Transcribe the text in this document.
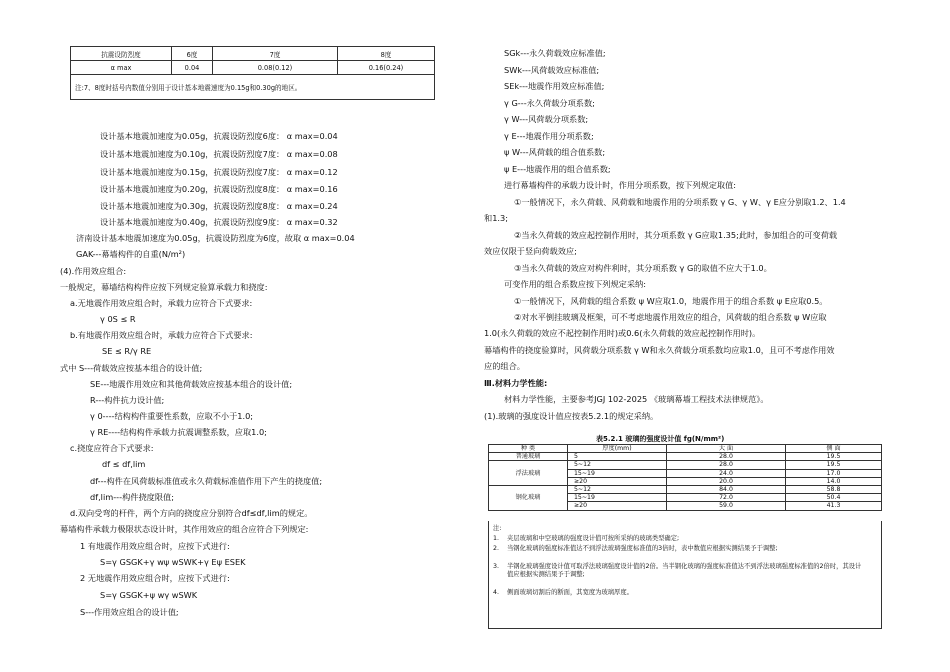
抗震设防烈度	6度	7度	8度
α max	0.04	0.08(0.12)	0.16(0.24)
注:7、8度时括号内数值分别用于设计基本地震速度为0.15g和0.30g的地区。			
设计基本地震加速度为0.05g，抗震设防烈度6度： α max=0.04
设计基本地震加速度为0.10g，抗震设防烈度7度： α max=0.08
设计基本地震加速度为0.15g，抗震设防烈度7度： α max=0.12
设计基本地震加速度为0.20g，抗震设防烈度8度： α max=0.16
设计基本地震加速度为0.30g，抗震设防烈度8度： α max=0.24
设计基本地震加速度为0.40g，抗震设防烈度9度： α max=0.32
济南设计基本地震加速度为0.05g，抗震设防烈度为6度，故取 α max=0.04
GAK---幕墙构件的自重(N/m²)
(4).作用效应组合:
一般规定，幕墙结构构件应按下列规定验算承载力和挠度:
a.无地震作用效应组合时，承载力应符合下式要求:
γ 0S ≤ R
b.有地震作用效应组合时，承载力应符合下式要求:
SE ≤ R/γ RE
式中 S---荷载效应按基本组合的设计值;
SE---地震作用效应和其他荷载效应按基本组合的设计值;
R---构件抗力设计值;
γ 0----结构构件重要性系数，应取不小于1.0;
γ RE----结构构件承载力抗震调整系数，应取1.0;
c.挠度应符合下式要求:
df ≤ df,lim
df---构件在风荷载标准值或永久荷载标准值作用下产生的挠度值;
df,lim---构件挠度限值;
d.双向受弯的杆件，两个方向的挠度应分别符合df≤df,lim的规定。
幕墙构件承载力极限状态设计时，其作用效应的组合应符合下列规定:
1 有地震作用效应组合时，应按下式进行:
S=γ GSGK+γ wψ wSWK+γ Eψ ESEK
2 无地震作用效应组合时，应按下式进行:
S=γ GSGK+ψ wγ wSWK
S---作用效应组合的设计值;
SGk---永久荷载效应标准值;
SWk---风荷载效应标准值;
SEk---地震作用效应标准值;
γ G---永久荷载分项系数;
γ W---风荷载分项系数;
γ E---地震作用分项系数;
ψ W---风荷载的组合值系数;
ψ E---地震作用的组合值系数;
进行幕墙构件的承载力设计时，作用分项系数，按下列规定取值:
①一般情况下，永久荷载、风荷载和地震作用的分项系数 γ G、γ W、γ E应分别取1.2、1.4
和1.3;
②当永久荷载的效应起控制作用时，其分项系数 γ G应取1.35;此时，参加组合的可变荷载
效应仅限于竖向荷载效应;
③当永久荷载的效应对构件利时，其分项系数 γ G的取值不应大于1.0。
可变作用的组合系数应按下列规定采纳:
①一般情况下，风荷载的组合系数 ψ W应取1.0，地震作用于的组合系数 ψ E应取0.5。
②对水平倒挂玻璃及框架，可不考虑地震作用效应的组合，风荷载的组合系数 ψ W应取
1.0(永久荷载的效应不起控制作用时)或0.6(永久荷载的效应起控制作用时)。
幕墙构件的挠度验算时，风荷载分项系数 γ W和永久荷载分项系数均应取1.0，且可不考虑作用效
应的组合。
Ⅲ.材料力学性能:
材料力学性能，主要参考JGJ 102-2025 《玻璃幕墙工程技术法律规范》。
(1).玻璃的强度设计值应按表5.2.1的规定采纳。
表5.2.1 玻璃的强度设计值 fg(N/mm²)
种 类	厚度(mm)	大 面	侧 面
普通玻璃	5	28.0	19.5
浮法玻璃	5~12	28.0	19.5
	15~19	24.0	17.0
	≥20	20.0	14.0
钢化玻璃	5~12	84.0	58.8
	15~19	72.0	50.4
	≥20	59.0	41.3
注:
1. 夹层玻璃和中空玻璃的强度设计值可按所采纳的玻璃类型确定;
2. 当钢化玻璃的强度标准值达不到浮法玻璃强度标准值的3倍时，表中数值应根据实测结果予于调整;
3. 半钢化玻璃强度设计值可取浮法玻璃强度设计值的2倍。当半钢化玻璃的强度标准值达不到浮法玻璃强度标准值的2倍时，其设计值应根据实测结果予于调整;
4. 侧面玻璃切割后的断面，其宽度为玻璃厚度。
